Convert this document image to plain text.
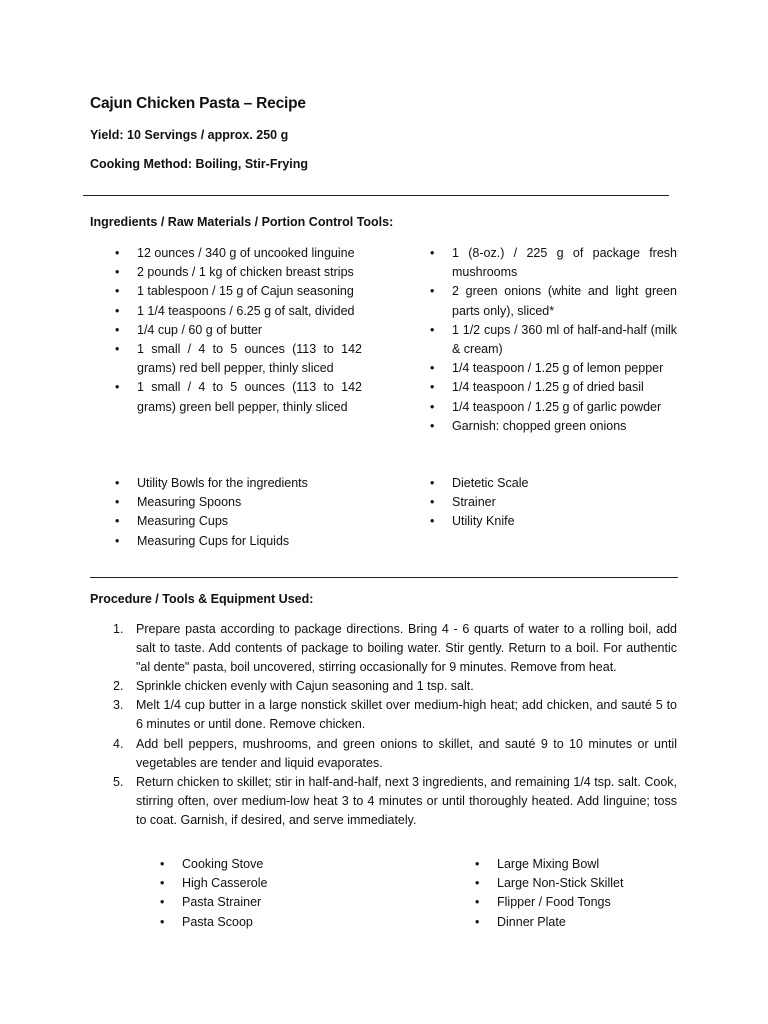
Cajun Chicken Pasta – Recipe
Yield: 10 Servings / approx. 250 g
Cooking Method: Boiling, Stir-Frying
Ingredients / Raw Materials / Portion Control Tools:
• 12 ounces / 340 g of uncooked linguine
• 2 pounds / 1 kg of chicken breast strips
• 1 tablespoon / 15 g of Cajun seasoning
• 1 1/4 teaspoons / 6.25 g of salt, divided
• 1/4 cup / 60 g of butter
• 1 small / 4 to 5 ounces (113 to 142 grams) red bell pepper, thinly sliced
• 1 small / 4 to 5 ounces (113 to 142 grams) green bell pepper, thinly sliced
• 1 (8-oz.) / 225 g of package fresh mushrooms
• 2 green onions (white and light green parts only), sliced*
• 1 1/2 cups / 360 ml of half-and-half (milk & cream)
• 1/4 teaspoon / 1.25 g of lemon pepper
• 1/4 teaspoon / 1.25 g of dried basil
• 1/4 teaspoon / 1.25 g of garlic powder
• Garnish: chopped green onions
• Utility Bowls for the ingredients
• Measuring Spoons
• Measuring Cups
• Measuring Cups for Liquids
• Dietetic Scale
• Strainer
• Utility Knife
Procedure / Tools & Equipment Used:
1. Prepare pasta according to package directions. Bring 4 - 6 quarts of water to a rolling boil, add salt to taste. Add contents of package to boiling water. Stir gently. Return to a boil. For authentic "al dente" pasta, boil uncovered, stirring occasionally for 9 minutes. Remove from heat.
2. Sprinkle chicken evenly with Cajun seasoning and 1 tsp. salt.
3. Melt 1/4 cup butter in a large nonstick skillet over medium-high heat; add chicken, and sauté 5 to 6 minutes or until done. Remove chicken.
4. Add bell peppers, mushrooms, and green onions to skillet, and sauté 9 to 10 minutes or until vegetables are tender and liquid evaporates.
5. Return chicken to skillet; stir in half-and-half, next 3 ingredients, and remaining 1/4 tsp. salt. Cook, stirring often, over medium-low heat 3 to 4 minutes or until thoroughly heated. Add linguine; toss to coat. Garnish, if desired, and serve immediately.
• Cooking Stove
• High Casserole
• Pasta Strainer
• Pasta Scoop
• Large Mixing Bowl
• Large Non-Stick Skillet
• Flipper / Food Tongs
• Dinner Plate
